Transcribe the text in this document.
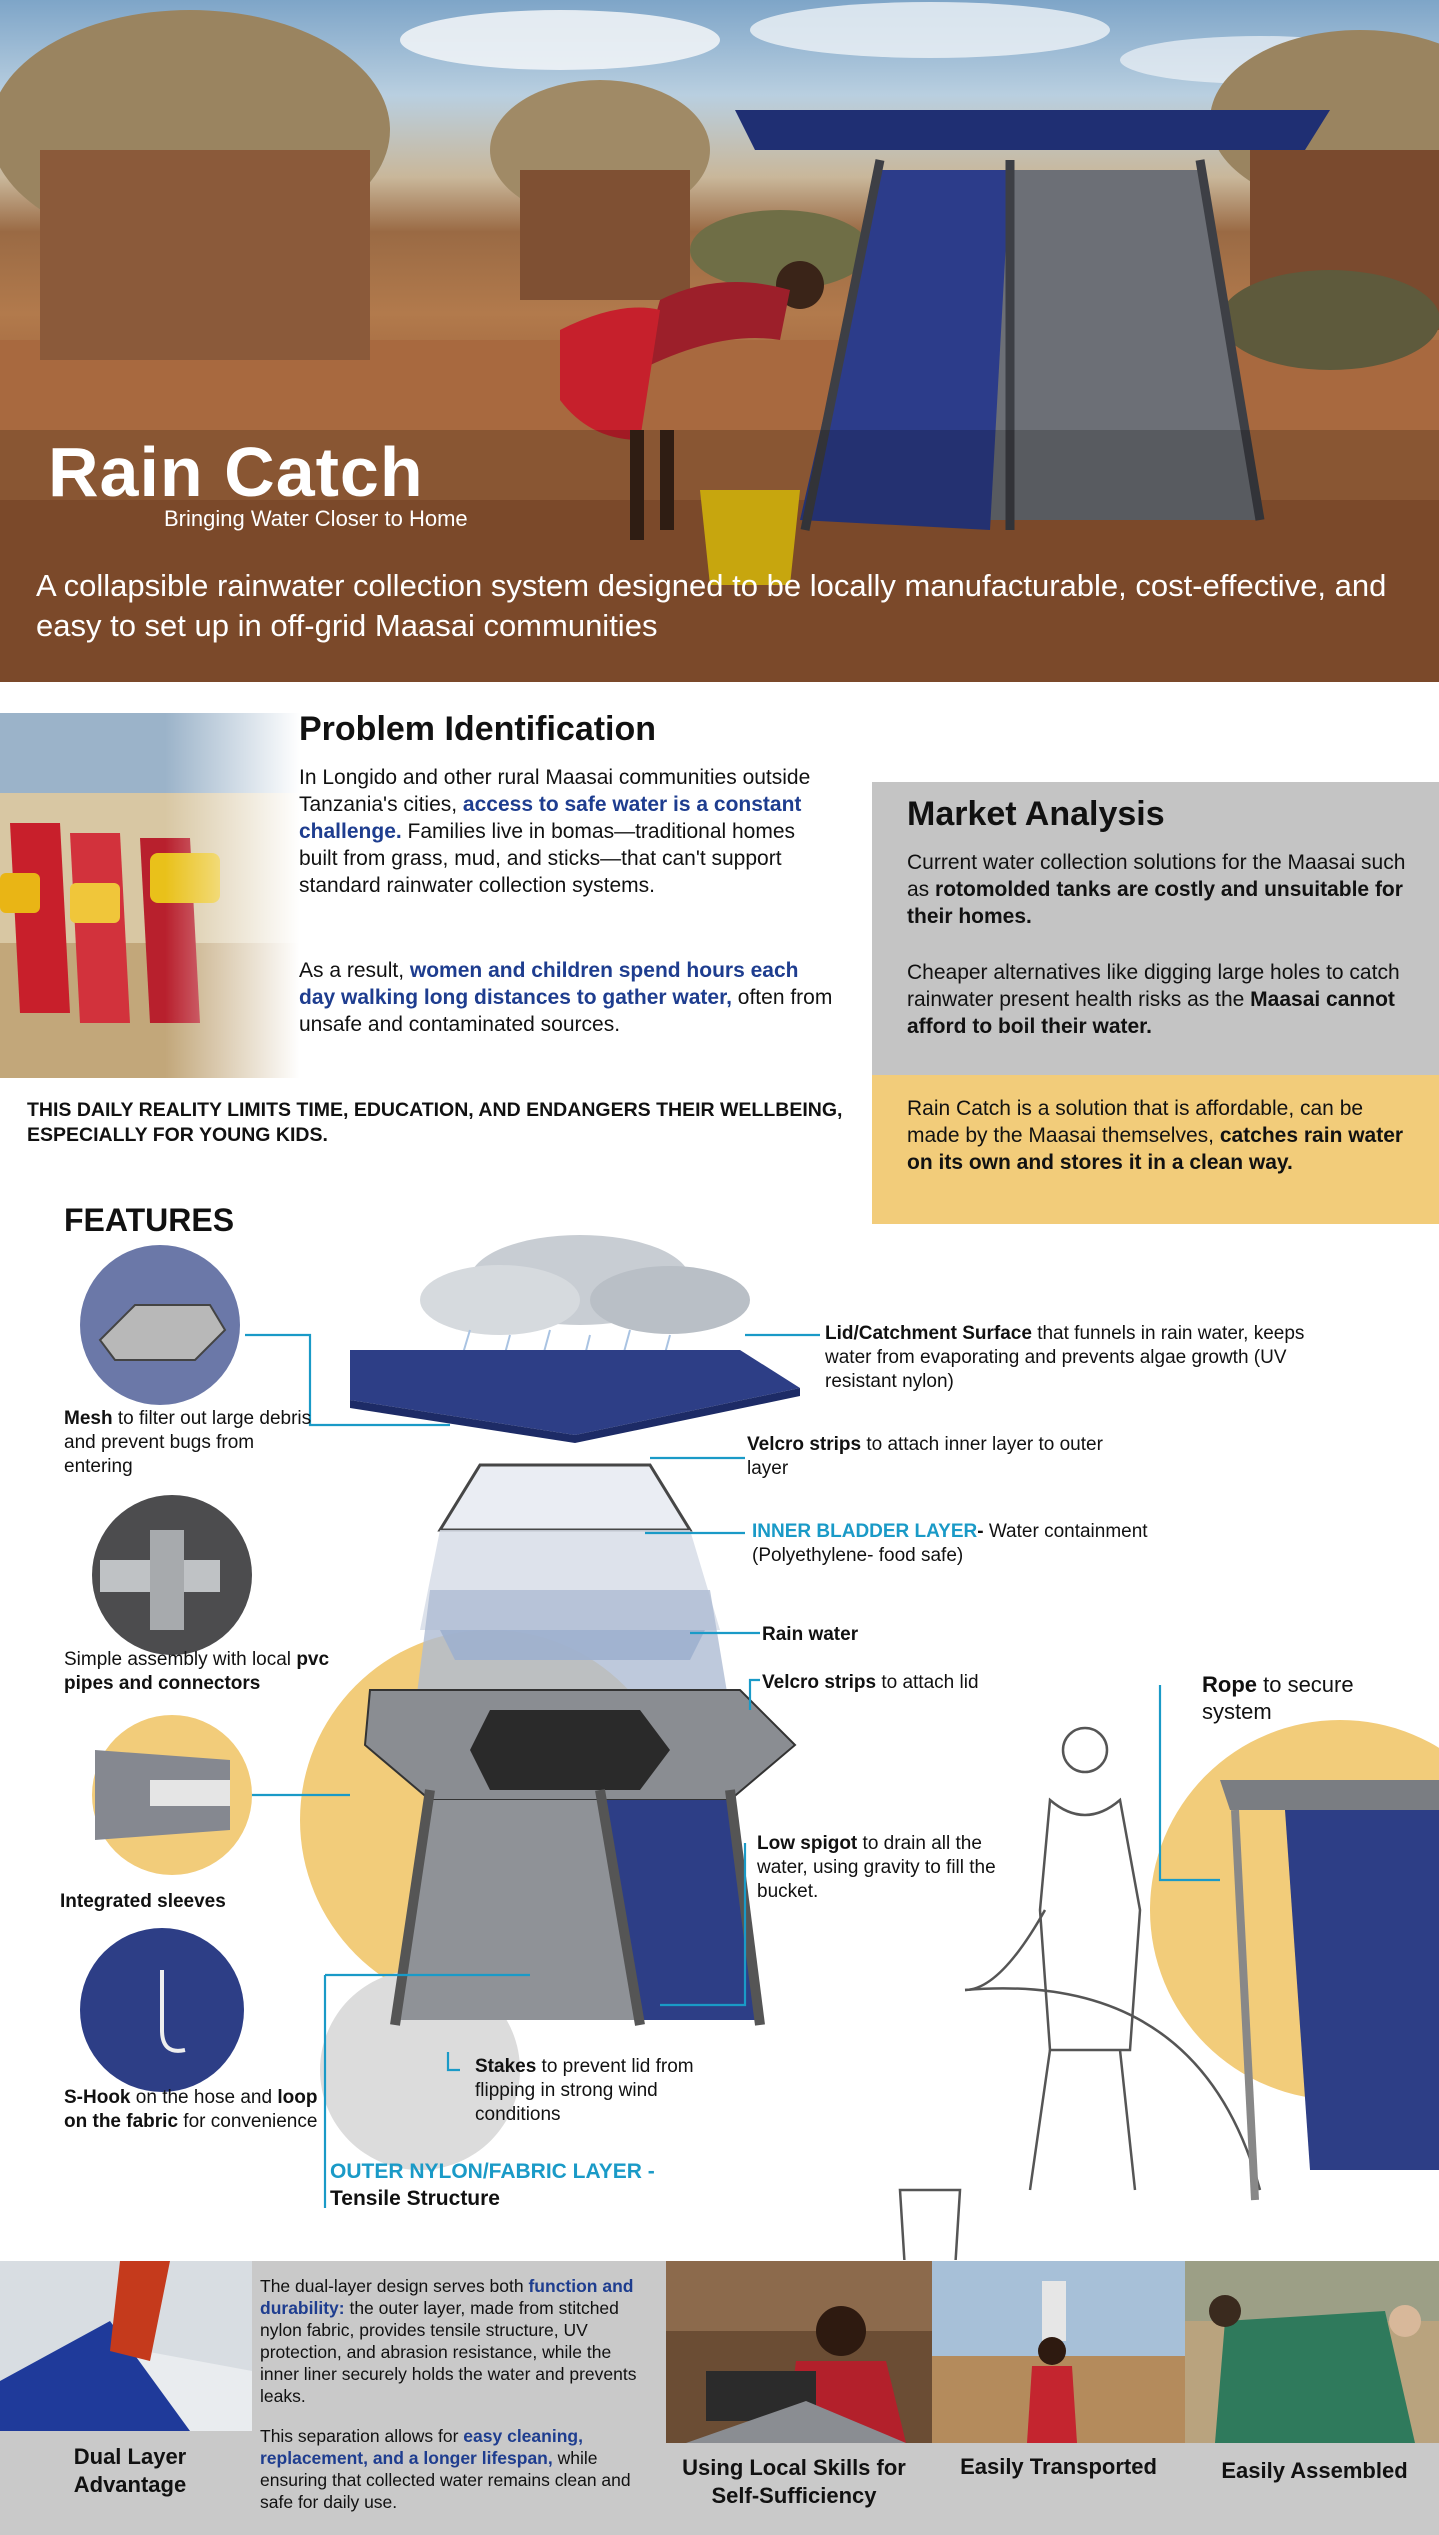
Rain Catch
Bringing Water Closer to Home
A collapsible rainwater collection system designed to be locally manufacturable, cost-effective, and easy to set up in off-grid Maasai communities
Problem Identification

In Longido and other rural Maasai communities outside Tanzania's cities, access to safe water is a constant challenge. Families live in bomas—traditional homes built from grass, mud, and sticks—that can't support standard rainwater collection systems.

As a result, women and children spend hours each day walking long distances to gather water, often from unsafe and contaminated sources.

THIS DAILY REALITY LIMITS TIME, EDUCATION, AND ENDANGERS THEIR WELLBEING, ESPECIALLY FOR YOUNG KIDS.

Market Analysis

Current water collection solutions for the Maasai such as rotomolded tanks are costly and unsuitable for their homes.

Cheaper alternatives like digging large holes to catch rainwater present health risks as the Maasai cannot afford to boil their water.

Rain Catch is a solution that is affordable, can be made by the Maasai themselves, catches rain water on its own and stores it in a clean way.

FEATURES

Mesh to filter out large debris and prevent bugs from entering

Simple assembly with local pvc pipes and connectors

Integrated sleeves

S-Hook on the hose and loop on the fabric for convenience

Lid/Catchment Surface that funnels in rain water, keeps water from evaporating and prevents algae growth (UV resistant nylon)

Velcro strips to attach inner layer to outer layer

INNER BLADDER LAYER- Water containment (Polyethylene- food safe)

Rain water

Velcro strips to attach lid	Rope to secure system

Low spigot to drain all the water, using gravity to fill the bucket.

Stakes to prevent lid from flipping in strong wind conditions

OUTER NYLON/FABRIC LAYER -
Tensile Structure

Dual Layer Advantage

The dual-layer design serves both function and durability: the outer layer, made from stitched nylon fabric, provides tensile structure, UV protection, and abrasion resistance, while the inner liner securely holds the water and prevents leaks.

This separation allows for easy cleaning, replacement, and a longer lifespan, while ensuring that collected water remains clean and safe for daily use.

Using Local Skills for Self-Sufficiency

Easily Transported	Easily Assembled
